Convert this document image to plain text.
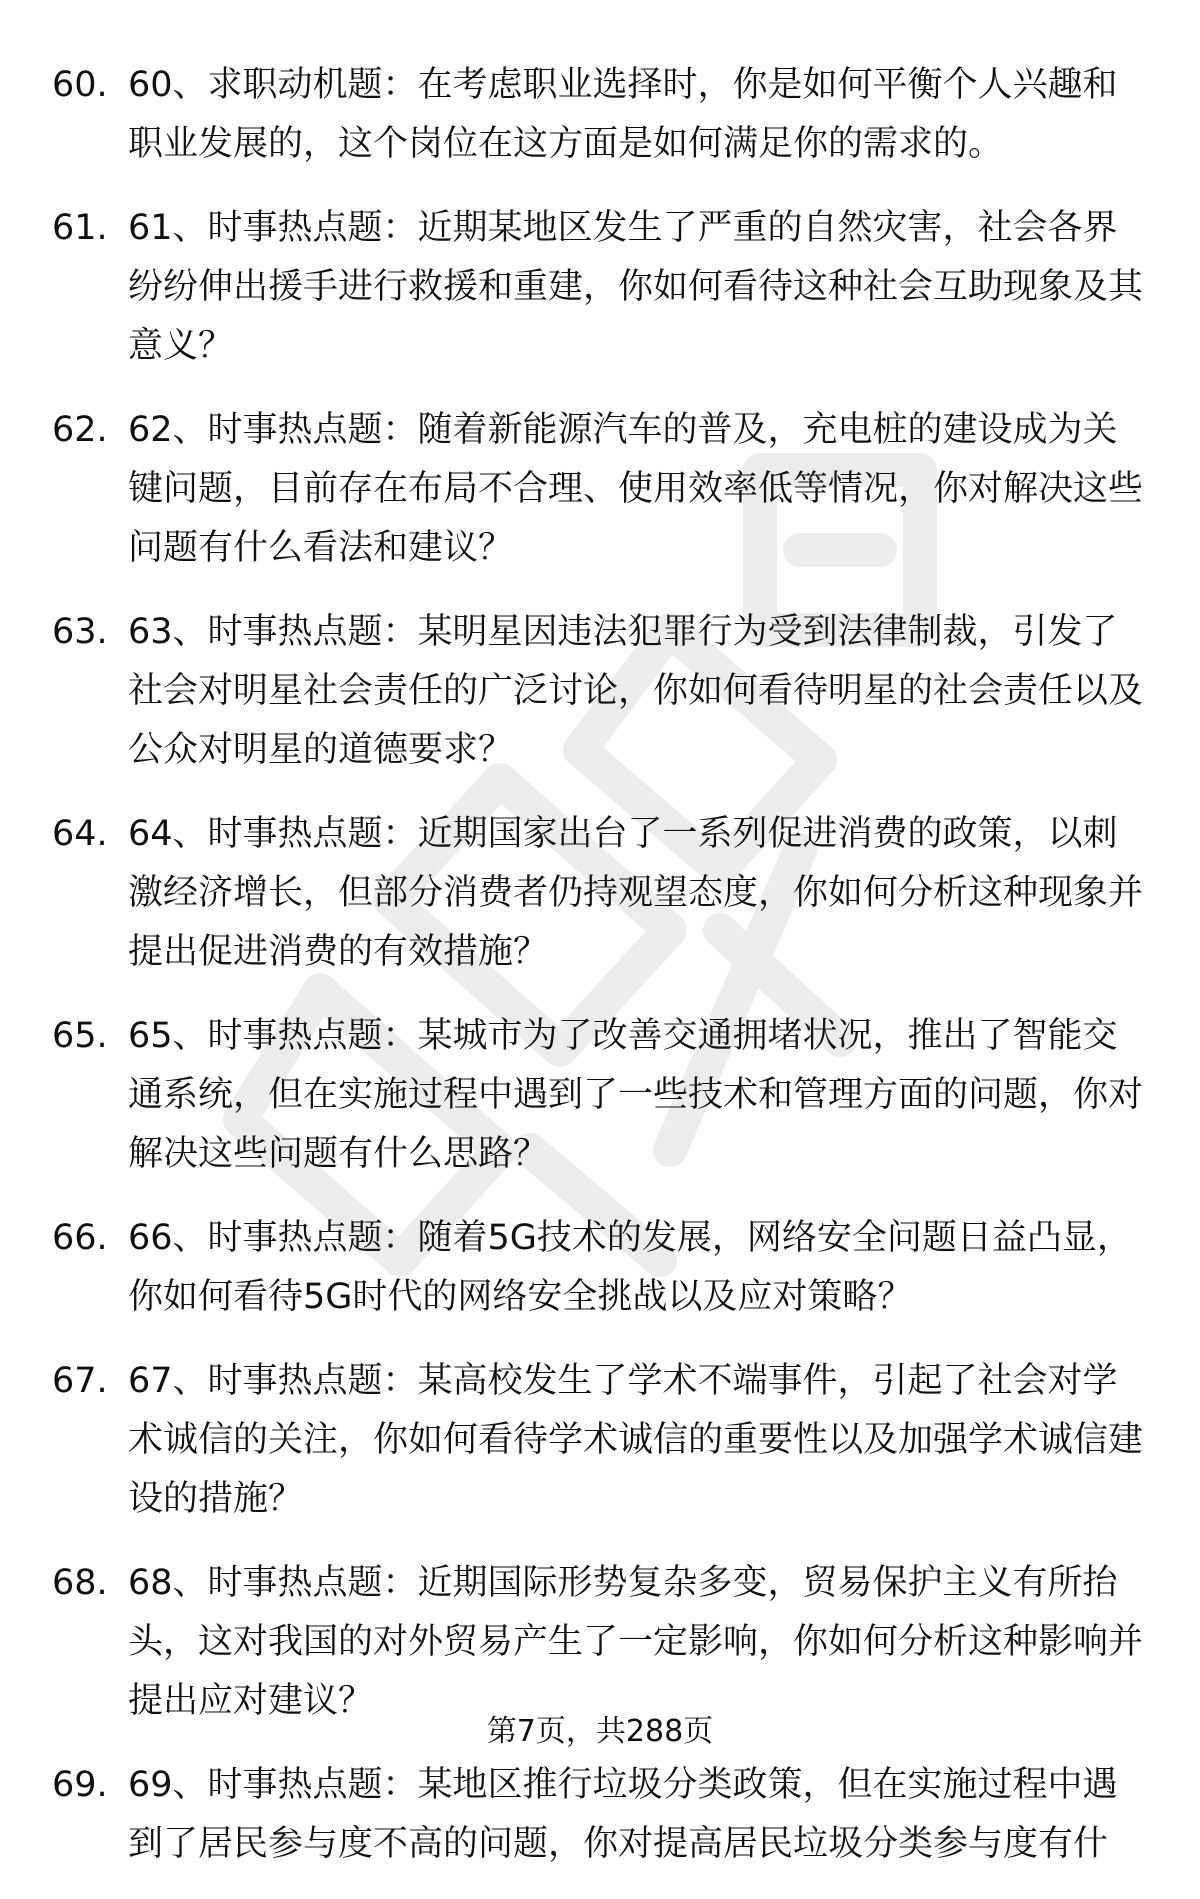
60. 60、求职动机题：在考虑职业选择时，你是如何平衡个人兴趣和职业发展的，这个岗位在这方面是如何满足你的需求的。
61. 61、时事热点题：近期某地区发生了严重的自然灾害，社会各界纷纷伸出援手进行救援和重建，你如何看待这种社会互助现象及其意义？
62. 62、时事热点题：随着新能源汽车的普及，充电桩的建设成为关键问题，目前存在布局不合理、使用效率低等情况，你对解决这些问题有什么看法和建议？
63. 63、时事热点题：某明星因违法犯罪行为受到法律制裁，引发了社会对明星社会责任的广泛讨论，你如何看待明星的社会责任以及公众对明星的道德要求？
64. 64、时事热点题：近期国家出台了一系列促进消费的政策，以刺激经济增长，但部分消费者仍持观望态度，你如何分析这种现象并提出促进消费的有效措施？
65. 65、时事热点题：某城市为了改善交通拥堵状况，推出了智能交通系统，但在实施过程中遇到了一些技术和管理方面的问题，你对解决这些问题有什么思路？
66. 66、时事热点题：随着5G技术的发展，网络安全问题日益凸显，你如何看待5G时代的网络安全挑战以及应对策略？
67. 67、时事热点题：某高校发生了学术不端事件，引起了社会对学术诚信的关注，你如何看待学术诚信的重要性以及加强学术诚信建设的措施？
68. 68、时事热点题：近期国际形势复杂多变，贸易保护主义有所抬头，这对我国的对外贸易产生了一定影响，你如何分析这种影响并提出应对建议？
69. 69、时事热点题：某地区推行垃圾分类政策，但在实施过程中遇到了居民参与度不高的问题，你对提高居民垃圾分类参与度有什
第7页，共288页
